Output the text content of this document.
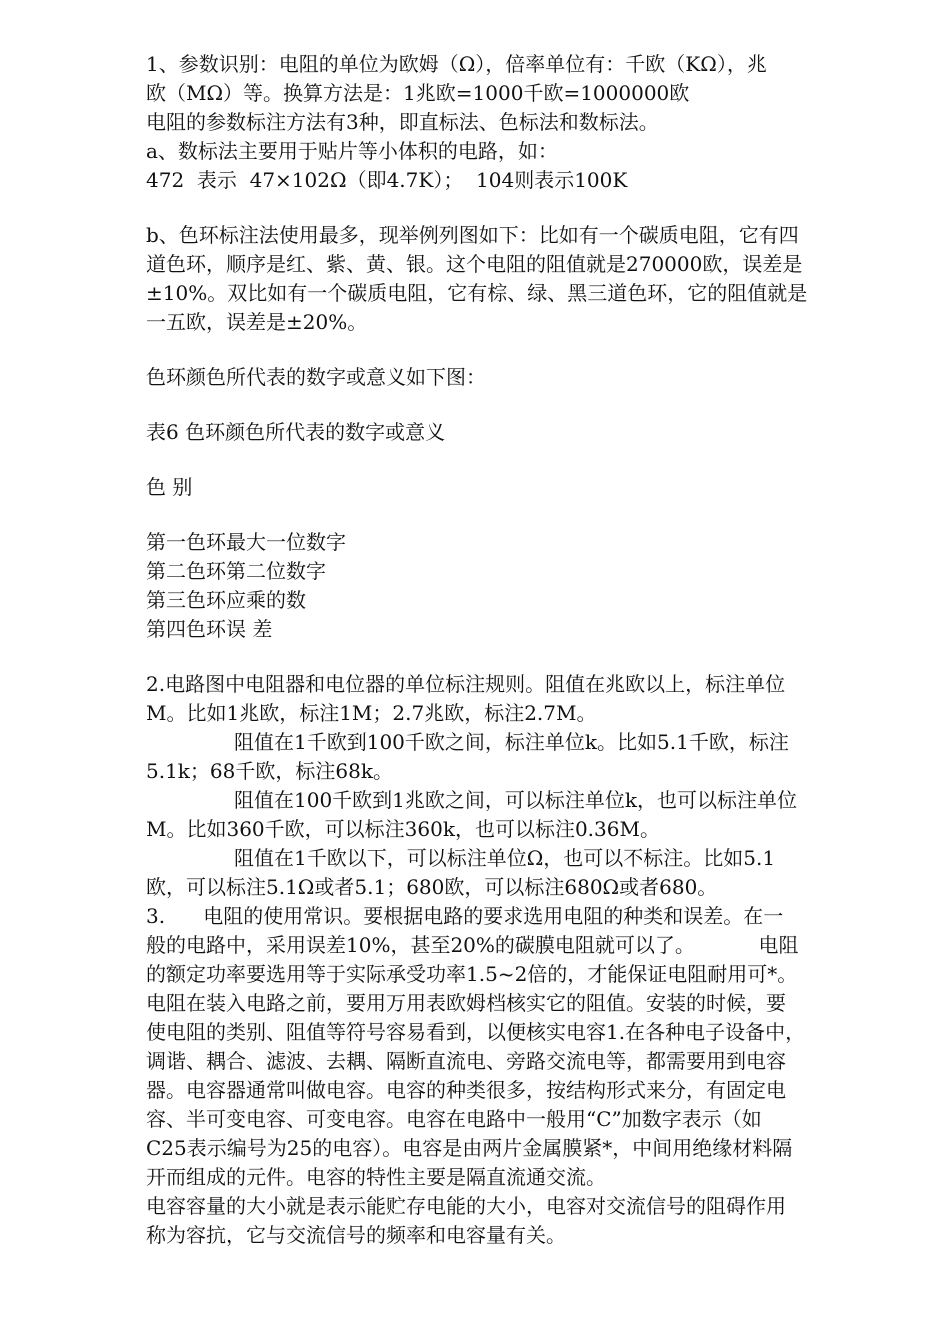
1、参数识别：电阻的单位为欧姆（Ω），倍率单位有：千欧（KΩ），兆
欧（MΩ）等。换算方法是：1兆欧=1000千欧=1000000欧
电阻的参数标注方法有3种，即直标法、色标法和数标法。
a、数标法主要用于贴片等小体积的电路，如：
472  表示  47×102Ω（即4.7K）；  104则表示100K
b、色环标注法使用最多，现举例列图如下：比如有一个碳质电阻，它有四
道色环，顺序是红、紫、黄、银。这个电阻的阻值就是270000欧，误差是
±10%。双比如有一个碳质电阻，它有棕、绿、黑三道色环，它的阻值就是
一五欧，误差是±20%。
色环颜色所代表的数字或意义如下图：
表6 色环颜色所代表的数字或意义
色 别
第一色环最大一位数字
第二色环第二位数字
第三色环应乘的数
第四色环误 差
2.电路图中电阻器和电位器的单位标注规则。阻值在兆欧以上，标注单位
M。比如1兆欧，标注1M；2.7兆欧，标注2.7M。
阻值在1千欧到100千欧之间，标注单位k。比如5.1千欧，标注
5.1k；68千欧，标注68k。
阻值在100千欧到1兆欧之间，可以标注单位k，也可以标注单位
M。比如360千欧，可以标注360k，也可以标注0.36M。
阻值在1千欧以下，可以标注单位Ω，也可以不标注。比如5.1
欧，可以标注5.1Ω或者5.1；680欧，可以标注680Ω或者680。
3.      电阻的使用常识。要根据电路的要求选用电阻的种类和误差。在一
般的电路中，采用误差10%，甚至20%的碳膜电阻就可以了。          电阻
的额定功率要选用等于实际承受功率1.5~2倍的，才能保证电阻耐用可*。
电阻在装入电路之前，要用万用表欧姆档核实它的阻值。安装的时候，要
使电阻的类别、阻值等符号容易看到，以便核实电容1.在各种电子设备中，
调谐、耦合、滤波、去耦、隔断直流电、旁路交流电等，都需要用到电容
器。电容器通常叫做电容。电容的种类很多，按结构形式来分，有固定电
容、半可变电容、可变电容。电容在电路中一般用“C”加数字表示（如
C25表示编号为25的电容）。电容是由两片金属膜紧*，中间用绝缘材料隔
开而组成的元件。电容的特性主要是隔直流通交流。
电容容量的大小就是表示能贮存电能的大小，电容对交流信号的阻碍作用
称为容抗，它与交流信号的频率和电容量有关。
